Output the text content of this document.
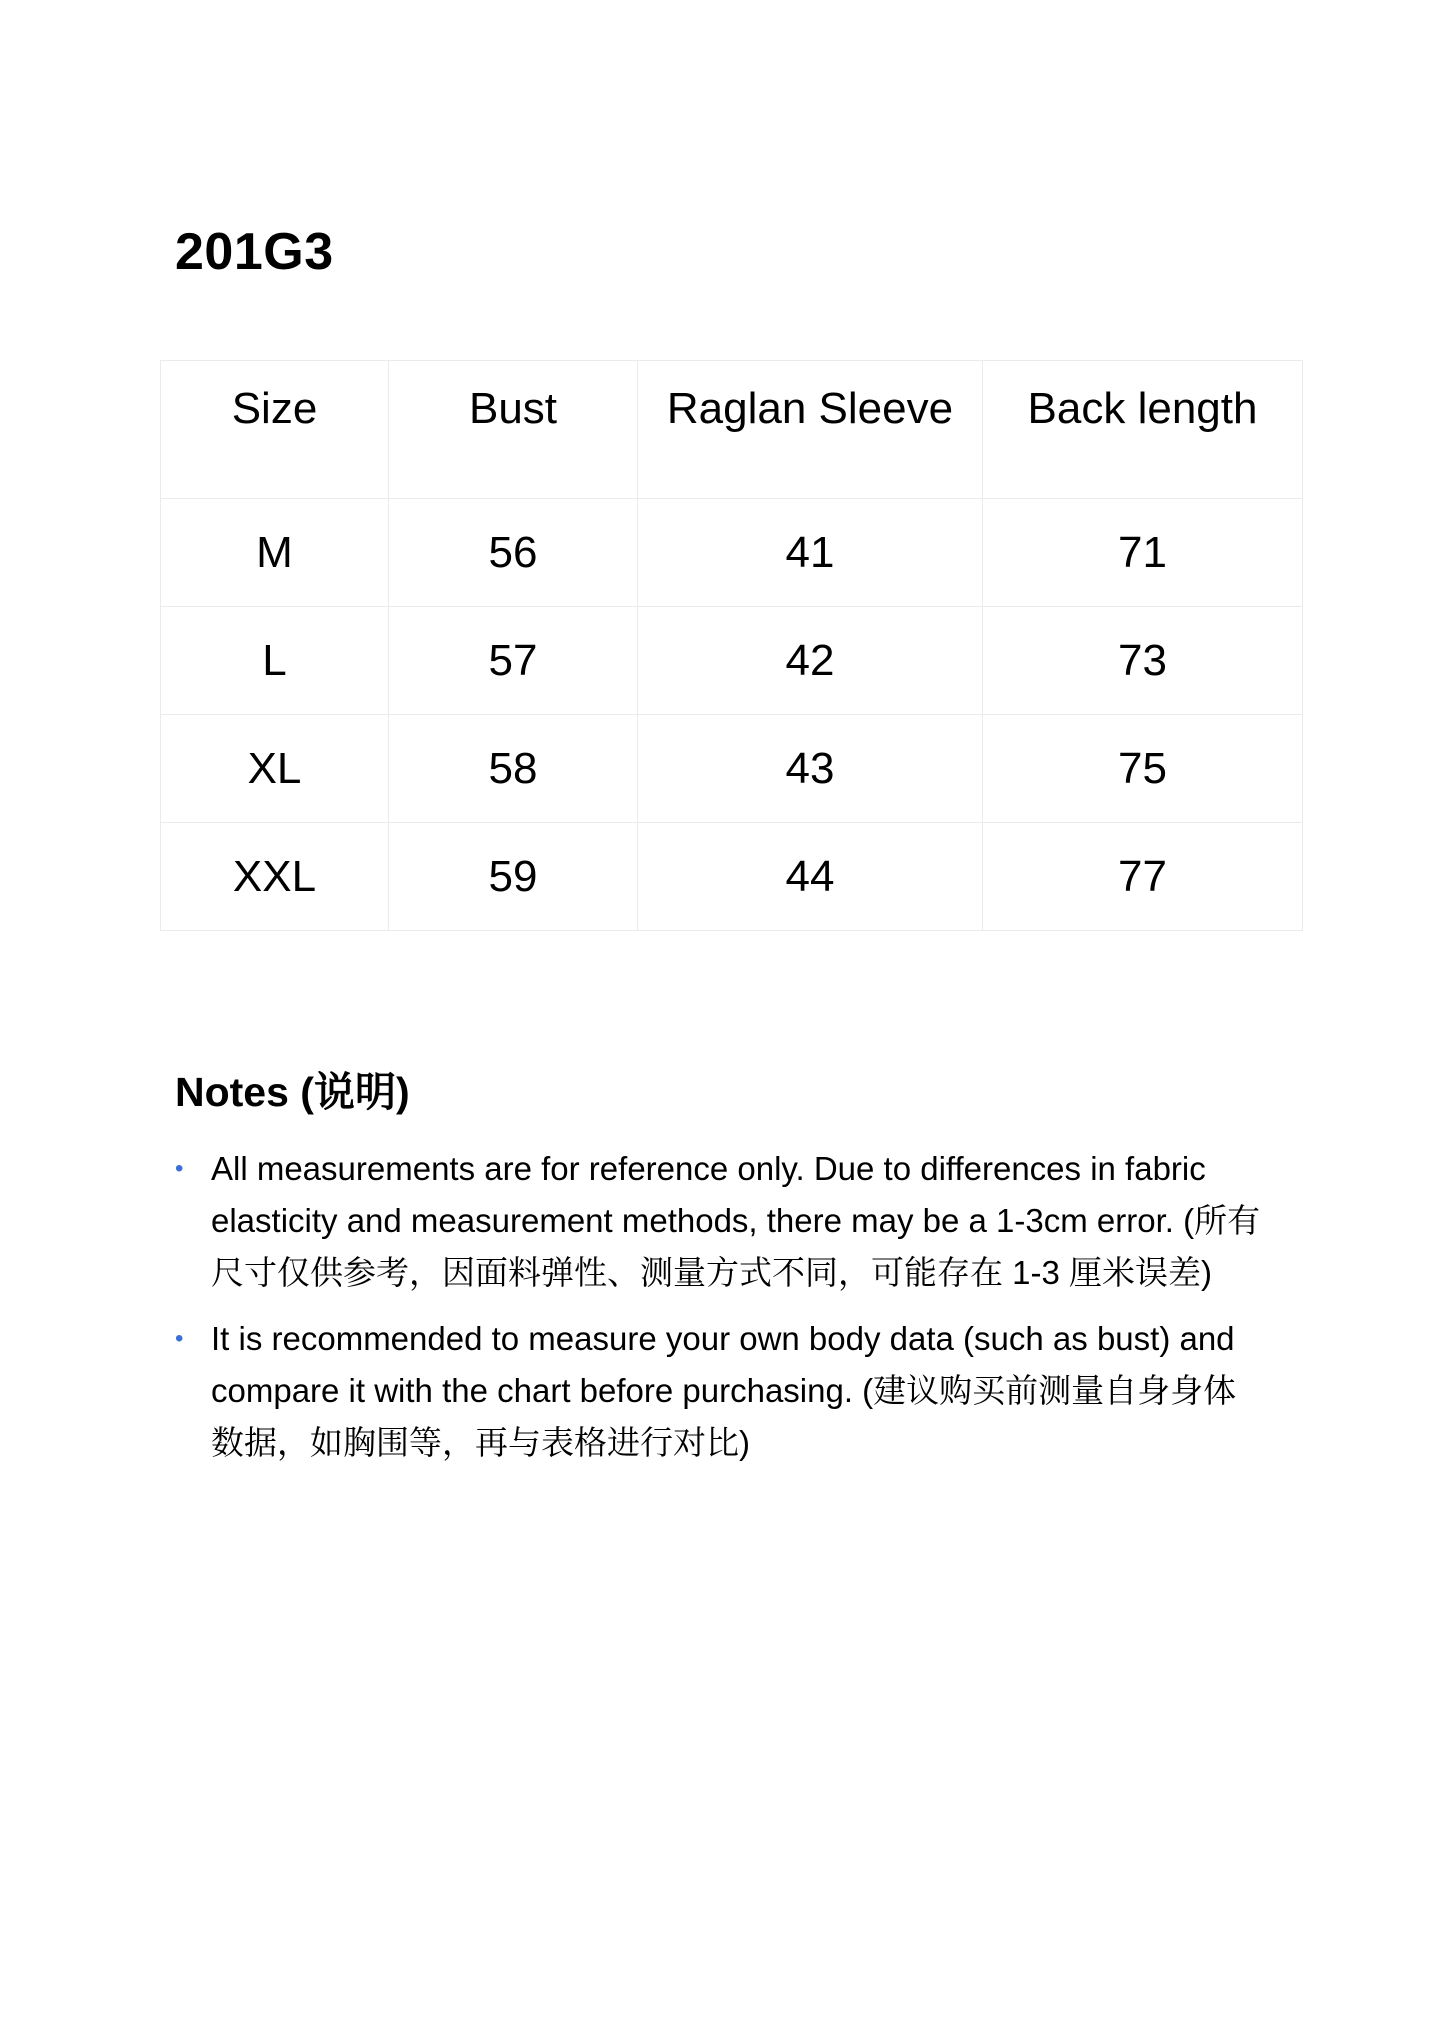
201G3
Size	Bust	Raglan Sleeve	Back length
M	56	41	71
L	57	42	73
XL	58	43	75
XXL	59	44	77
Notes (说明)
• All measurements are for reference only. Due to differences in fabric elasticity and measurement methods, there may be a 1-3cm error. (所有尺寸仅供参考，因面料弹性、测量方式不同，可能存在 1-3 厘米误差)
• It is recommended to measure your own body data (such as bust) and compare it with the chart before purchasing. (建议购买前测量自身身体数据，如胸围等，再与表格进行对比)
